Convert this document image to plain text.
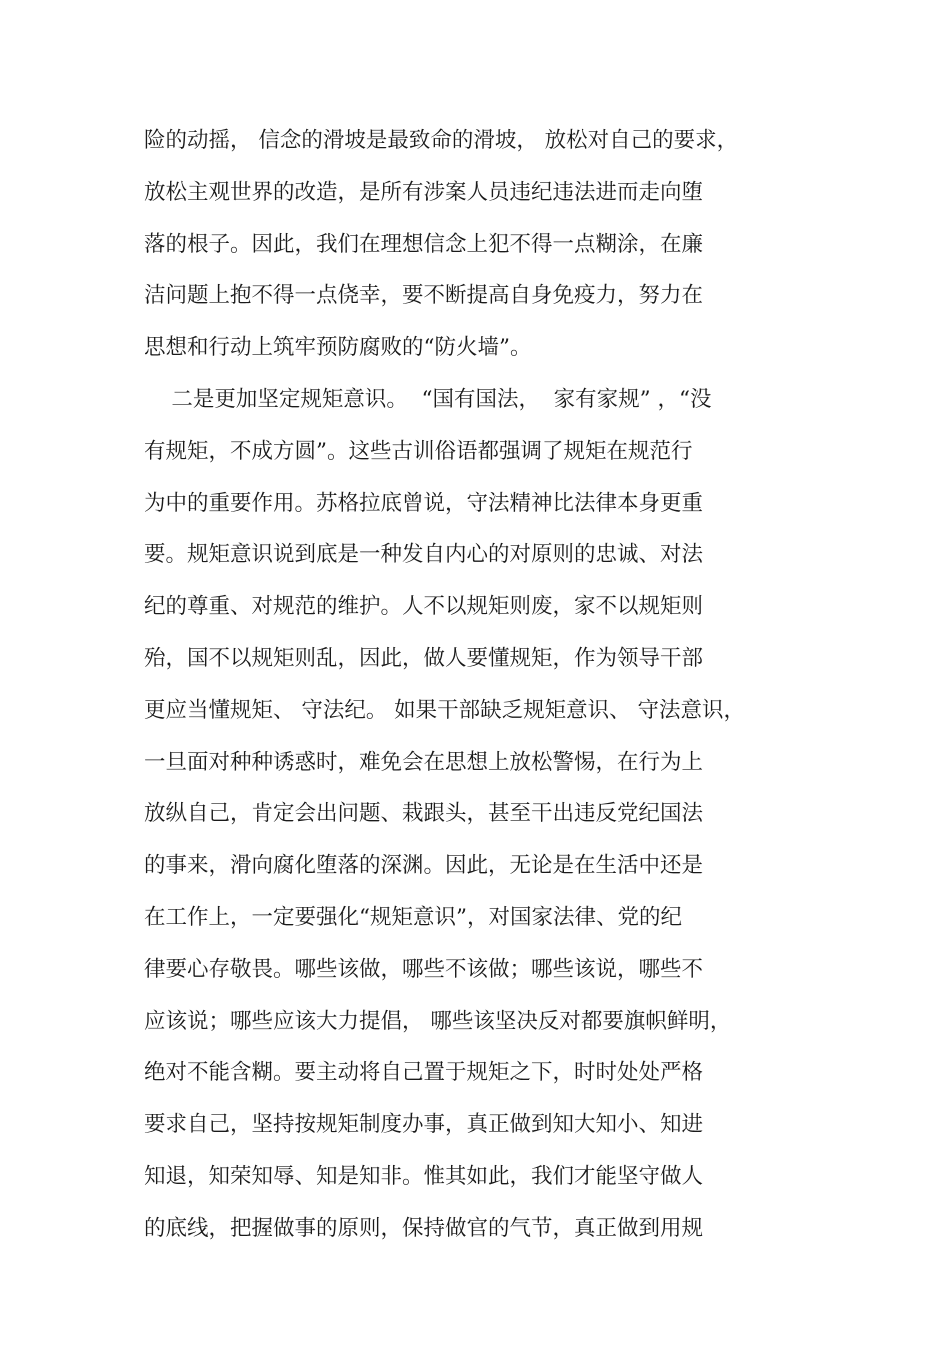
险的动摇， 信念的滑坡是最致命的滑坡， 放松对自己的要求，
放松主观世界的改造，是所有涉案人员违纪违法进而走向堕
落的根子。因此，我们在理想信念上犯不得一点糊涂，在廉
洁问题上抱不得一点侥幸，要不断提高自身免疫力，努力在
思想和行动上筑牢预防腐败的“防火墙”。
二是更加坚定规矩意识。  “国有国法，  家有家规” ，“没
有规矩，不成方圆”。这些古训俗语都强调了规矩在规范行
为中的重要作用。苏格拉底曾说，守法精神比法律本身更重
要。规矩意识说到底是一种发自内心的对原则的忠诚、对法
纪的尊重、对规范的维护。人不以规矩则废，家不以规矩则
殆，国不以规矩则乱，因此，做人要懂规矩，作为领导干部
更应当懂规矩、 守法纪。 如果干部缺乏规矩意识、 守法意识，
一旦面对种种诱惑时，难免会在思想上放松警惕，在行为上
放纵自己，肯定会出问题、栽跟头，甚至干出违反党纪国法
的事来，滑向腐化堕落的深渊。因此，无论是在生活中还是
在工作上，一定要强化“规矩意识”，对国家法律、党的纪
律要心存敬畏。哪些该做，哪些不该做；哪些该说，哪些不
应该说；哪些应该大力提倡， 哪些该坚决反对都要旗帜鲜明，
绝对不能含糊。要主动将自己置于规矩之下，时时处处严格
要求自己，坚持按规矩制度办事，真正做到知大知小、知进
知退，知荣知辱、知是知非。惟其如此，我们才能坚守做人
的底线，把握做事的原则，保持做官的气节，真正做到用规
